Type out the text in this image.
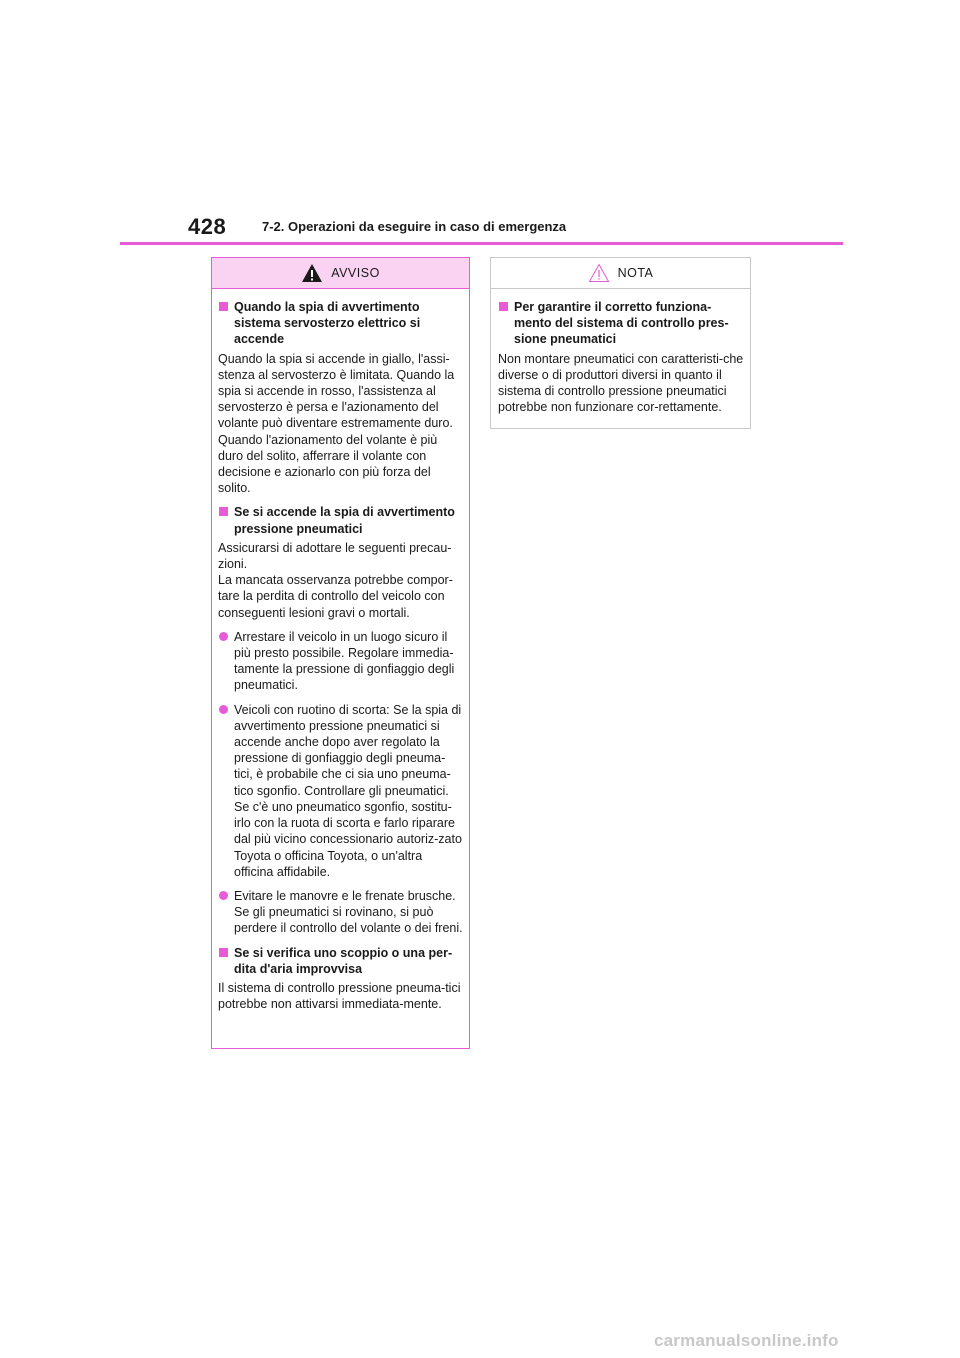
428	7-2. Operazioni da eseguire in caso di emergenza
AVVISO
Quando la spia di avvertimento sistema servosterzo elettrico si accende

Quando la spia si accende in giallo, l'assi-stenza al servosterzo è limitata. Quando la spia si accende in rosso, l'assistenza al servosterzo è persa e l'azionamento del volante può diventare estremamente duro. Quando l'azionamento del volante è più duro del solito, afferrare il volante con decisione e azionarlo con più forza del solito.

Se si accende la spia di avvertimento pressione pneumatici

Assicurarsi di adottare le seguenti precau-zioni.

La mancata osservanza potrebbe compor-tare la perdita di controllo del veicolo con conseguenti lesioni gravi o mortali.

Arrestare il veicolo in un luogo sicuro il più presto possibile. Regolare immedia-tamente la pressione di gonfiaggio degli pneumatici.
Veicoli con ruotino di scorta: Se la spia di avvertimento pressione pneumatici si accende anche dopo aver regolato la pressione di gonfiaggio degli pneuma-tici, è probabile che ci sia uno pneuma-tico sgonfio. Controllare gli pneumatici. Se c'è uno pneumatico sgonfio, sostitu-irlo con la ruota di scorta e farlo riparare dal più vicino concessionario autoriz-zato Toyota o officina Toyota, o un'altra officina affidabile.
Evitare le manovre e le frenate brusche. Se gli pneumatici si rovinano, si può perdere il controllo del volante o dei freni.
Se si verifica uno scoppio o una per-dita d'aria improvvisa

Il sistema di controllo pressione pneuma-tici potrebbe non attivarsi immediata-mente.

NOTA
Per garantire il corretto funziona-mento del sistema di controllo pres-sione pneumatici

Non montare pneumatici con caratteristi-che diverse o di produttori diversi in quanto il sistema di controllo pressione pneumatici potrebbe non funzionare cor-rettamente.

carmanualsonline.info
